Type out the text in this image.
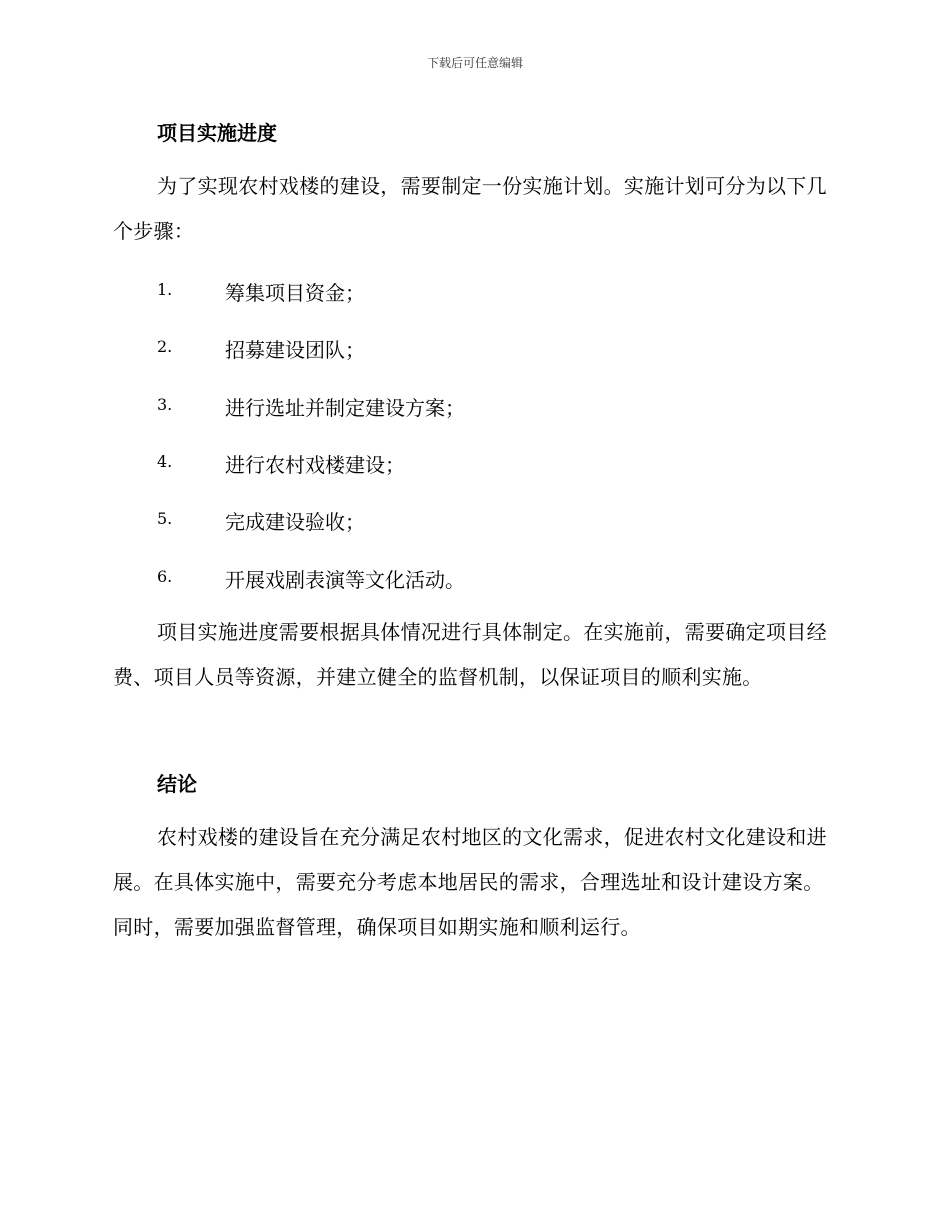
下载后可任意编辑
项目实施进度
为了实现农村戏楼的建设，需要制定一份实施计划。实施计划可分为以下几个步骤：
1.	筹集项目资金；
2.	招募建设团队；
3.	进行选址并制定建设方案；
4.	进行农村戏楼建设；
5.	完成建设验收；
6.	开展戏剧表演等文化活动。
项目实施进度需要根据具体情况进行具体制定。在实施前，需要确定项目经费、项目人员等资源，并建立健全的监督机制，以保证项目的顺利实施。
结论
农村戏楼的建设旨在充分满足农村地区的文化需求，促进农村文化建设和进展。在具体实施中，需要充分考虑本地居民的需求，合理选址和设计建设方案。同时，需要加强监督管理，确保项目如期实施和顺利运行。
